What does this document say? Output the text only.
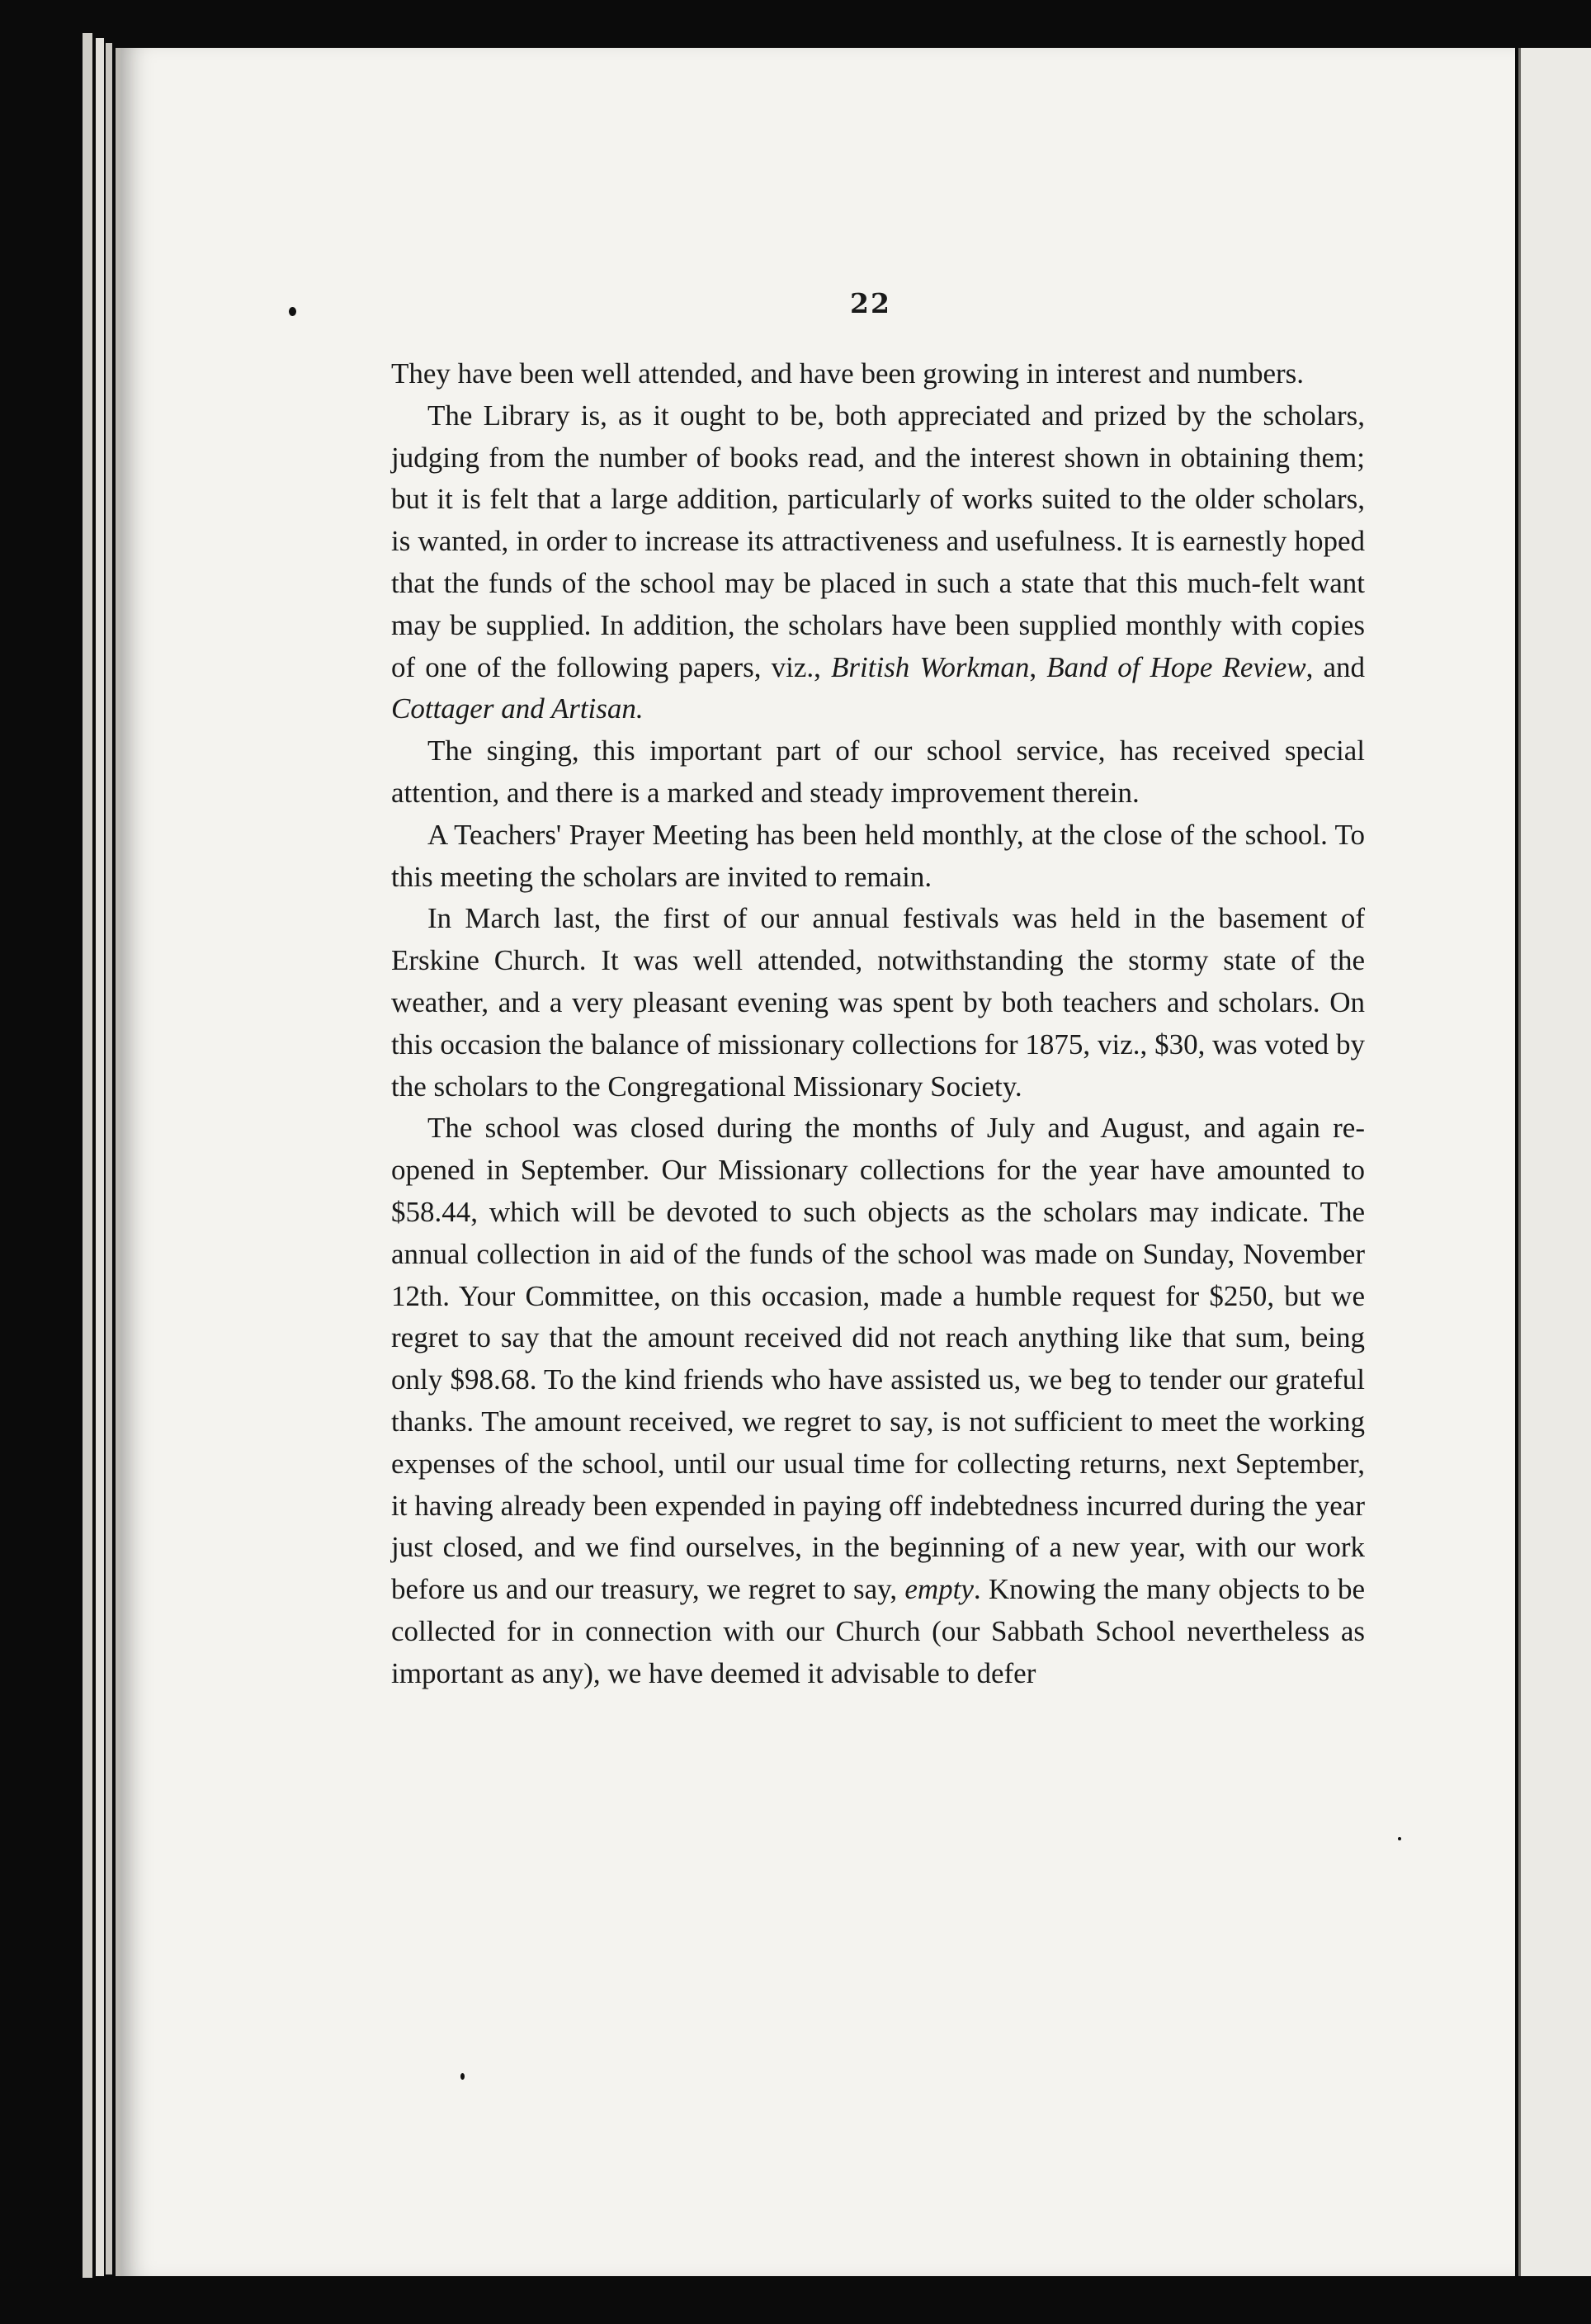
22

They have been well attended, and have been growing in interest and numbers.

The Library is, as it ought to be, both appreciated and prized by the scholars, judging from the number of books read, and the interest shown in obtaining them; but it is felt that a large addition, particularly of works suited to the older scholars, is wanted, in order to increase its attractiveness and usefulness. It is earnestly hoped that the funds of the school may be placed in such a state that this much-felt want may be supplied. In addition, the scholars have been supplied monthly with copies of one of the following papers, viz., British Workman, Band of Hope Review, and Cottager and Artisan.

The singing, this important part of our school service, has received special attention, and there is a marked and steady improvement therein.

A Teachers' Prayer Meeting has been held monthly, at the close of the school. To this meeting the scholars are invited to remain.

In March last, the first of our annual festivals was held in the basement of Erskine Church. It was well attended, notwithstanding the stormy state of the weather, and a very pleasant evening was spent by both teachers and scholars. On this occasion the balance of missionary collections for 1875, viz., $30, was voted by the scholars to the Congregational Missionary Society.

The school was closed during the months of July and August, and again re-opened in September. Our Missionary collections for the year have amounted to $58.44, which will be devoted to such objects as the scholars may indicate. The annual collection in aid of the funds of the school was made on Sunday, November 12th. Your Committee, on this occasion, made a humble request for $250, but we regret to say that the amount received did not reach anything like that sum, being only $98.68. To the kind friends who have assisted us, we beg to tender our grateful thanks. The amount received, we regret to say, is not sufficient to meet the working expenses of the school, until our usual time for collecting returns, next September, it having already been expended in paying off indebtedness incurred during the year just closed, and we find ourselves, in the beginning of a new year, with our work before us and our treasury, we regret to say, empty. Knowing the many objects to be collected for in connection with our Church (our Sabbath School nevertheless as important as any), we have deemed it advisable to defer
